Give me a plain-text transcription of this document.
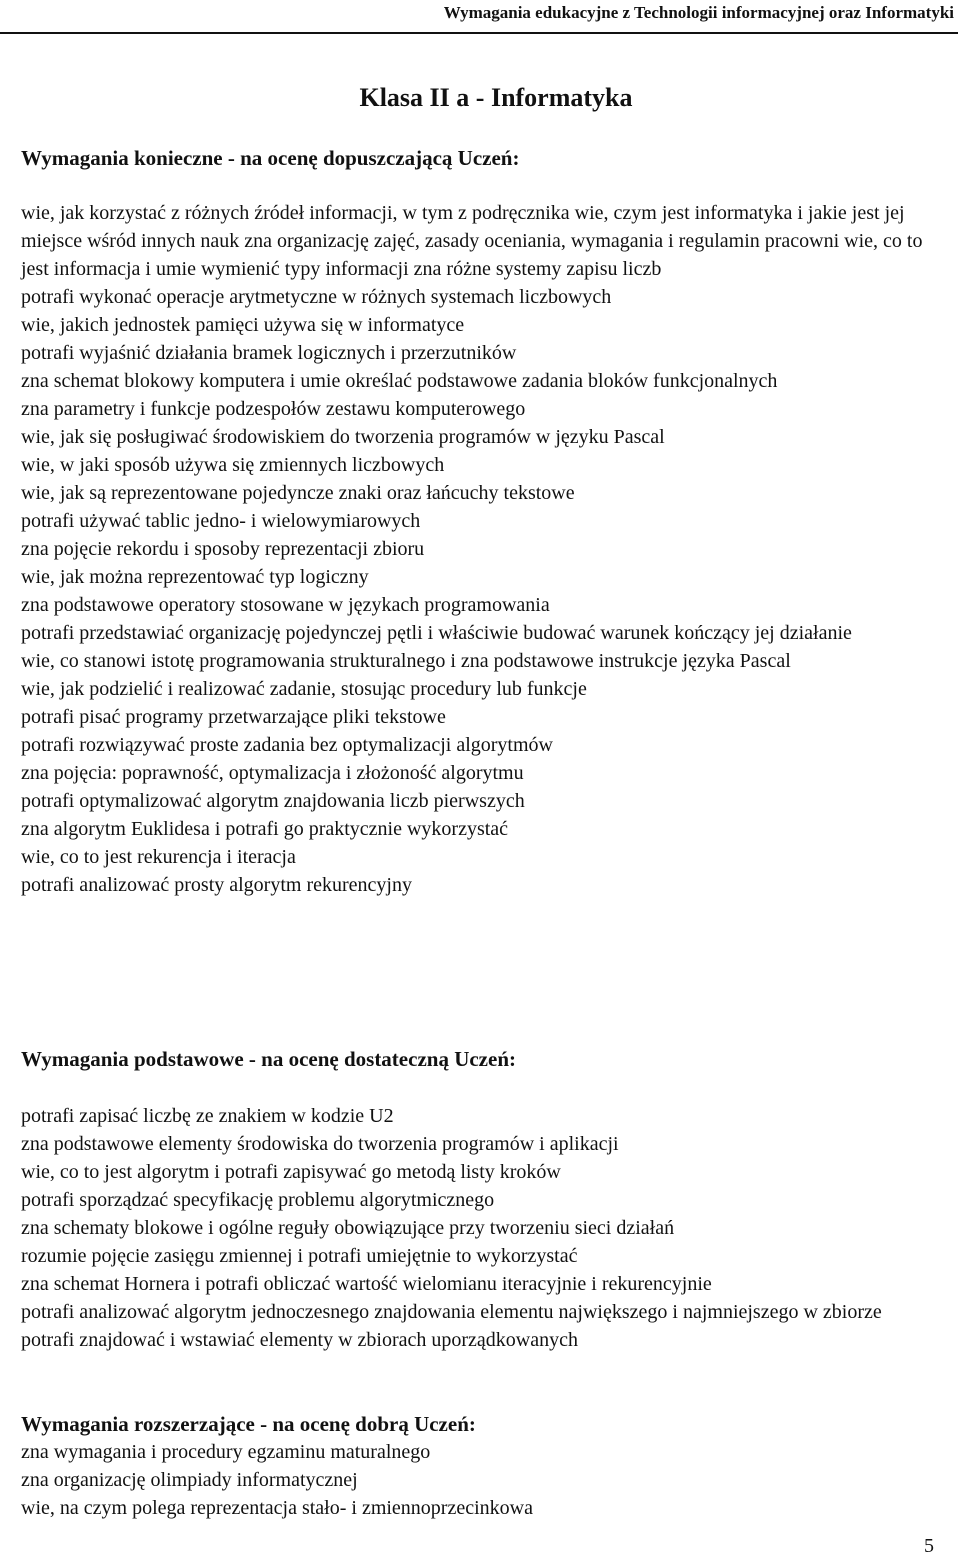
Wymagania edukacyjne z Technologii informacyjnej oraz Informatyki
Klasa II a - Informatyka

Wymagania konieczne - na ocenę dopuszczającą Uczeń:

wie, jak korzystać z różnych źródeł informacji, w tym z podręcznika wie, czym jest informatyka i jakie jest jej miejsce wśród innych nauk zna organizację zajęć, zasady oceniania, wymagania i regulamin pracowni wie, co to jest informacja i umie wymienić typy informacji zna różne systemy zapisu liczb
potrafi wykonać operacje arytmetyczne w różnych systemach liczbowych
wie, jakich jednostek pamięci używa się w informatyce
potrafi wyjaśnić działania bramek logicznych i przerzutników
zna schemat blokowy komputera i umie określać podstawowe zadania bloków funkcjonalnych
zna parametry i funkcje podzespołów zestawu komputerowego
wie, jak się posługiwać środowiskiem do tworzenia programów w języku Pascal
wie, w jaki sposób używa się zmiennych liczbowych
wie, jak są reprezentowane pojedyncze znaki oraz łańcuchy tekstowe
potrafi używać tablic jedno- i wielowymiarowych
zna pojęcie rekordu i sposoby reprezentacji zbioru
wie, jak można reprezentować typ logiczny
zna podstawowe operatory stosowane w językach programowania
potrafi przedstawiać organizację pojedynczej pętli i właściwie budować warunek kończący jej działanie
wie, co stanowi istotę programowania strukturalnego i zna podstawowe instrukcje języka Pascal
wie, jak podzielić i realizować zadanie, stosując procedury lub funkcje
potrafi pisać programy przetwarzające pliki tekstowe
potrafi rozwiązywać proste zadania bez optymalizacji algorytmów
zna pojęcia: poprawność, optymalizacja i złożoność algorytmu
potrafi optymalizować algorytm znajdowania liczb pierwszych
zna algorytm Euklidesa i potrafi go praktycznie wykorzystać
wie, co to jest rekurencja i iteracja
potrafi analizować prosty algorytm rekurencyjny

Wymagania podstawowe - na ocenę dostateczną Uczeń:

potrafi zapisać liczbę ze znakiem w kodzie U2
zna podstawowe elementy środowiska do tworzenia programów i aplikacji
wie, co to jest algorytm i potrafi zapisywać go metodą listy kroków
potrafi sporządzać specyfikację problemu algorytmicznego
zna schematy blokowe i ogólne reguły obowiązujące przy tworzeniu sieci działań
rozumie pojęcie zasięgu zmiennej i potrafi umiejętnie to wykorzystać
zna schemat Hornera i potrafi obliczać wartość wielomianu iteracyjnie i rekurencyjnie
potrafi analizować algorytm jednoczesnego znajdowania elementu największego i najmniejszego w zbiorze
potrafi znajdować i wstawiać elementy w zbiorach uporządkowanych

Wymagania rozszerzające - na ocenę dobrą Uczeń:

zna wymagania i procedury egzaminu maturalnego
zna organizację olimpiady informatycznej
wie, na czym polega reprezentacja stało- i zmiennoprzecinkowa
5
